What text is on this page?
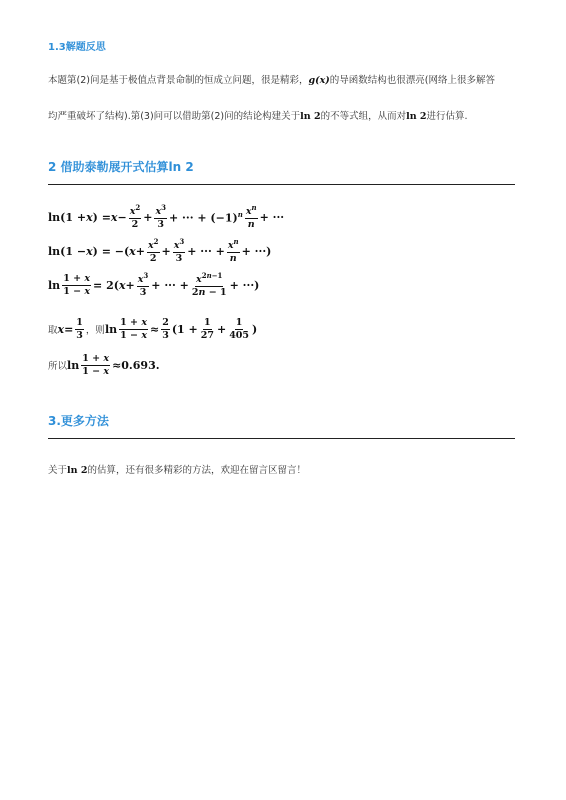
1.3解题反思
本题第(2)问是基于极值点背景命制的恒成立问题，很是精彩，g(x)的导函数结构也很漂亮(网络上很多解答
均严重破坏了结构).第(3)问可以借助第(2)问的结论构建关于ln 2的不等式组，从而对ln 2进行估算.
2 借助泰勒展开式估算ln 2
ln(1 + x ) = $x - \frac{x^2}{2} + \frac{x^3}{3}$ + ··· + $(-1)^n \frac{x^n}{n}$ + ···
ln(1 − x ) = −( $x + \frac{x^2}{2} + \frac{x^3}{3}$ + ··· + $\frac{x^n}{n}$ + ···)
$\ln \frac{1 + x}{1 - x} = 2$( $x + \frac{x^3}{3}$ + ··· + $\frac{x^{2n-1}}{2n - 1}$ + ···)
取 $x = \frac{1}{3}$ ，则 $\ln \frac{1 + x}{1 - x} \approx \frac{2}{3} (1 + \frac{1}{27} + \frac{1}{405}$ )
所以 $\ln \frac{1 + x}{1 - x} \approx 0.693$ .
3.更多方法
关于ln 2的估算，还有很多精彩的方法，欢迎在留言区留言！
